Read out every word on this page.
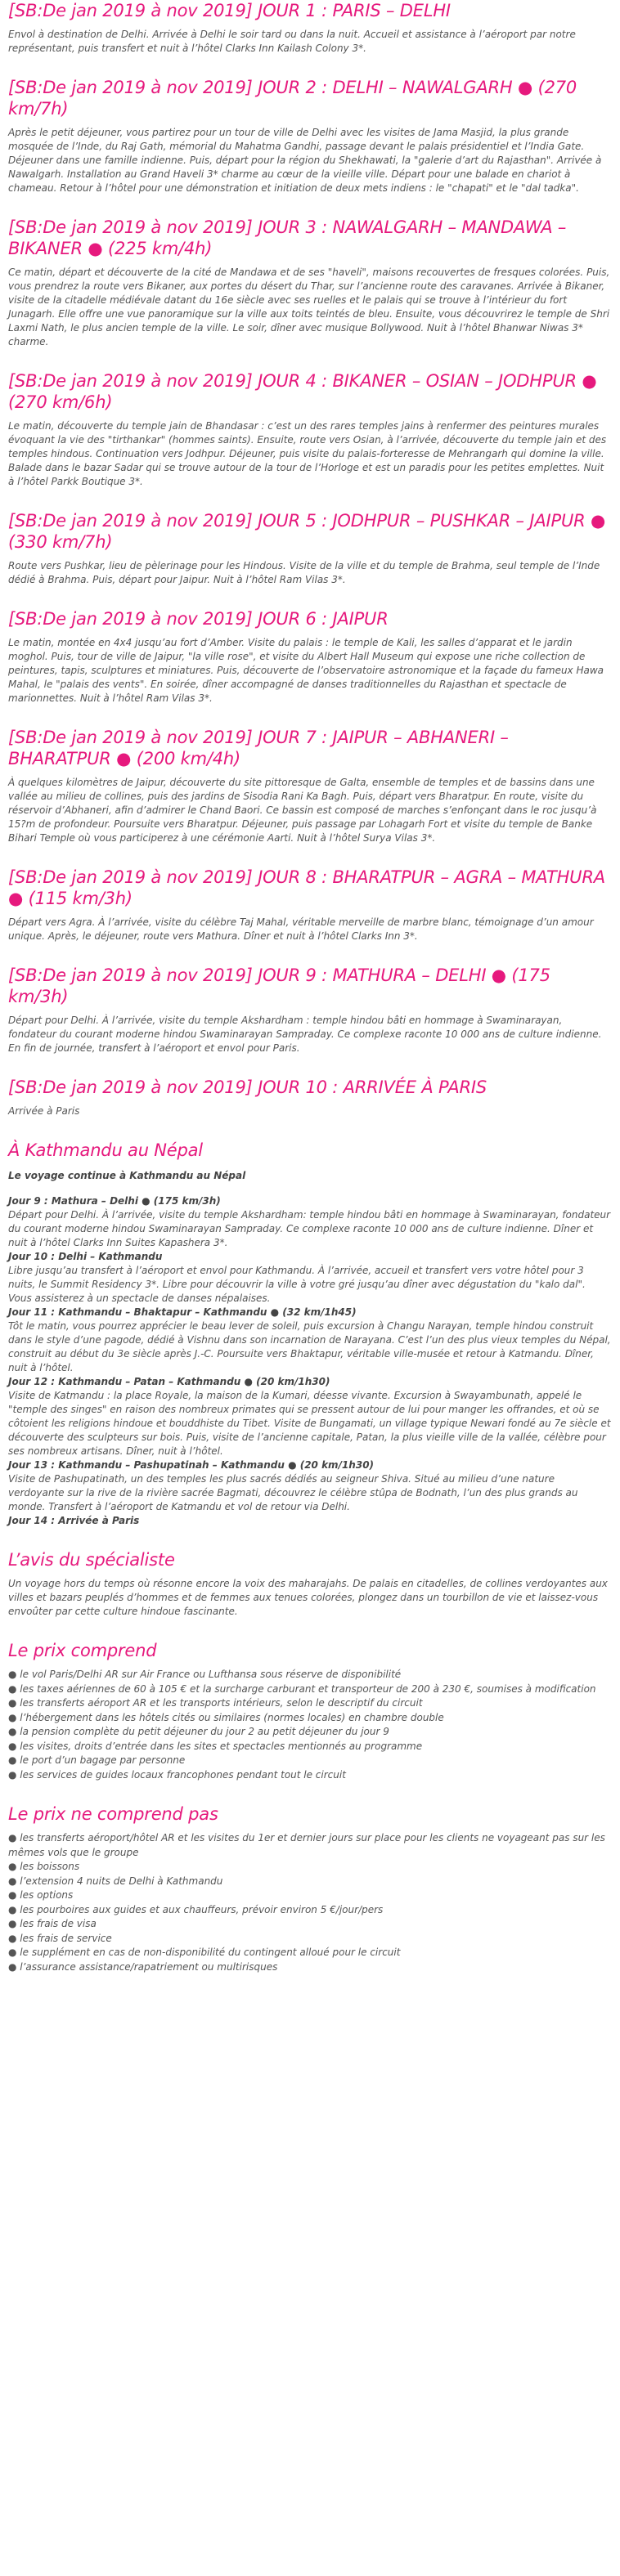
[SB:De jan 2019 à nov 2019] JOUR 1 : PARIS – DELHI

Envol à destination de Delhi. Arrivée à Delhi le soir tard ou dans la nuit. Accueil et assistance à l’aéroport par notre représentant, puis transfert et nuit à l’hôtel Clarks Inn Kailash Colony 3*.

[SB:De jan 2019 à nov 2019] JOUR 2 : DELHI – NAWALGARH ● (270 km/7h)

Après le petit déjeuner, vous partirez pour un tour de ville de Delhi avec les visites de Jama Masjid, la plus grande mosquée de l’Inde, du Raj Gath, mémorial du Mahatma Gandhi, passage devant le palais présidentiel et l’India Gate. Déjeuner dans une famille indienne. Puis, départ pour la région du Shekhawati, la "galerie d’art du Rajasthan". Arrivée à Nawalgarh. Installation au Grand Haveli 3* charme au cœur de la vieille ville. Départ pour une balade en chariot à chameau. Retour à l’hôtel pour une démonstration et initiation de deux mets indiens : le "chapati" et le "dal tadka".

[SB:De jan 2019 à nov 2019] JOUR 3 : NAWALGARH – MANDAWA – BIKANER ● (225 km/4h)

Ce matin, départ et découverte de la cité de Mandawa et de ses "haveli", maisons recouvertes de fresques colorées. Puis, vous prendrez la route vers Bikaner, aux portes du désert du Thar, sur l’ancienne route des caravanes. Arrivée à Bikaner, visite de la citadelle médiévale datant du 16e siècle avec ses ruelles et le palais qui se trouve à l’intérieur du fort Junagarh. Elle offre une vue panoramique sur la ville aux toits teintés de bleu. Ensuite, vous découvrirez le temple de Shri Laxmi Nath, le plus ancien temple de la ville. Le soir, dîner avec musique Bollywood. Nuit à l’hôtel Bhanwar Niwas 3* charme.

[SB:De jan 2019 à nov 2019] JOUR 4 : BIKANER – OSIAN – JODHPUR ● (270 km/6h)

Le matin, découverte du temple jain de Bhandasar : c’est un des rares temples jains à renfermer des peintures murales évoquant la vie des "tirthankar" (hommes saints). Ensuite, route vers Osian, à l’arrivée, découverte du temple jain et des temples hindous. Continuation vers Jodhpur. Déjeuner, puis visite du palais-forteresse de Mehrangarh qui domine la ville. Balade dans le bazar Sadar qui se trouve autour de la tour de l’Horloge et est un paradis pour les petites emplettes. Nuit à l’hôtel Parkk Boutique 3*.

[SB:De jan 2019 à nov 2019] JOUR 5 : JODHPUR – PUSHKAR – JAIPUR ● (330 km/7h)

Route vers Pushkar, lieu de pèlerinage pour les Hindous. Visite de la ville et du temple de Brahma, seul temple de l’Inde dédié à Brahma. Puis, départ pour Jaipur. Nuit à l’hôtel Ram Vilas 3*.

[SB:De jan 2019 à nov 2019] JOUR 6 : JAIPUR

Le matin, montée en 4x4 jusqu’au fort d’Amber. Visite du palais : le temple de Kali, les salles d’apparat et le jardin moghol. Puis, tour de ville de Jaipur, "la ville rose", et visite du Albert Hall Museum qui expose une riche collection de peintures, tapis, sculptures et miniatures. Puis, découverte de l’observatoire astronomique et la façade du fameux Hawa Mahal, le "palais des vents". En soirée, dîner accompagné de danses traditionnelles du Rajasthan et spectacle de marionnettes. Nuit à l’hôtel Ram Vilas 3*.

[SB:De jan 2019 à nov 2019] JOUR 7 : JAIPUR – ABHANERI – BHARATPUR ● (200 km/4h)

À quelques kilomètres de Jaipur, découverte du site pittoresque de Galta, ensemble de temples et de bassins dans une vallée au milieu de collines, puis des jardins de Sisodia Rani Ka Bagh. Puis, départ vers Bharatpur. En route, visite du réservoir d’Abhaneri, afin d’admirer le Chand Baori. Ce bassin est composé de marches s’enfonçant dans le roc jusqu’à 15?m de profondeur. Poursuite vers Bharatpur. Déjeuner, puis passage par Lohagarh Fort et visite du temple de Banke Bihari Temple où vous participerez à une cérémonie Aarti. Nuit à l’hôtel Surya Vilas 3*.

[SB:De jan 2019 à nov 2019] JOUR 8 : BHARATPUR – AGRA – MATHURA ● (115 km/3h)

Départ vers Agra. À l’arrivée, visite du célèbre Taj Mahal, véritable merveille de marbre blanc, témoignage d’un amour unique. Après, le déjeuner, route vers Mathura. Dîner et nuit à l’hôtel Clarks Inn 3*.

[SB:De jan 2019 à nov 2019] JOUR 9 : MATHURA – DELHI ● (175 km/3h)

Départ pour Delhi. À l’arrivée, visite du temple Akshardham : temple hindou bâti en hommage à Swaminarayan, fondateur du courant moderne hindou Swaminarayan Sampraday. Ce complexe raconte 10 000 ans de culture indienne. En fin de journée, transfert à l’aéroport et envol pour Paris.

[SB:De jan 2019 à nov 2019] JOUR 10 : ARRIVÉE À PARIS

Arrivée à Paris

À Kathmandu au Népal

Le voyage continue à Kathmandu au Népal

Jour 9 : Mathura – Delhi ● (175 km/3h)
Départ pour Delhi. À l’arrivée, visite du temple Akshardham: temple hindou bâti en hommage à Swaminarayan, fondateur du courant moderne hindou Swaminarayan Sampraday. Ce complexe raconte 10 000 ans de culture indienne. Dîner et nuit à l’hôtel Clarks Inn Suites Kapashera 3*.
Jour 10 : Delhi – Kathmandu
Libre jusqu’au transfert à l’aéroport et envol pour Kathmandu. À l’arrivée, accueil et transfert vers votre hôtel pour 3 nuits, le Summit Residency 3*. Libre pour découvrir la ville à votre gré jusqu’au dîner avec dégustation du "kalo dal". Vous assisterez à un spectacle de danses népalaises.
Jour 11 : Kathmandu – Bhaktapur – Kathmandu ● (32 km/1h45)
Tôt le matin, vous pourrez apprécier le beau lever de soleil, puis excursion à Changu Narayan, temple hindou construit dans le style d’une pagode, dédié à Vishnu dans son incarnation de Narayana. C’est l’un des plus vieux temples du Népal, construit au début du 3e siècle après J.-C. Poursuite vers Bhaktapur, véritable ville-musée et retour à Katmandu. Dîner, nuit à l’hôtel.
Jour 12 : Kathmandu – Patan – Kathmandu ● (20 km/1h30)
Visite de Katmandu : la place Royale, la maison de la Kumari, déesse vivante. Excursion à Swayambunath, appelé le "temple des singes" en raison des nombreux primates qui se pressent autour de lui pour manger les offrandes, et où se côtoient les religions hindoue et bouddhiste du Tibet. Visite de Bungamati, un village typique Newari fondé au 7e siècle et découverte des sculpteurs sur bois. Puis, visite de l’ancienne capitale, Patan, la plus vieille ville de la vallée, célèbre pour ses nombreux artisans. Dîner, nuit à l’hôtel.
Jour 13 : Kathmandu – Pashupatinah – Kathmandu ● (20 km/1h30)
Visite de Pashupatinath, un des temples les plus sacrés dédiés au seigneur Shiva. Situé au milieu d’une nature verdoyante sur la rive de la rivière sacrée Bagmati, découvrez le célèbre stûpa de Bodnath, l’un des plus grands au monde. Transfert à l’aéroport de Katmandu et vol de retour via Delhi.
Jour 14 : Arrivée à Paris
L’avis du spécialiste

Un voyage hors du temps où résonne encore la voix des maharajahs. De palais en citadelles, de collines verdoyantes aux villes et bazars peuplés d’hommes et de femmes aux tenues colorées, plongez dans un tourbillon de vie et laissez-vous envoûter par cette culture hindoue fascinante.

Le prix comprend
● le vol Paris/Delhi AR sur Air France ou Lufthansa sous réserve de disponibilité
● les taxes aériennes de 60 à 105 € et la surcharge carburant et transporteur de 200 à 230 €, soumises à modification
● les transferts aéroport AR et les transports intérieurs, selon le descriptif du circuit
● l’hébergement dans les hôtels cités ou similaires (normes locales) en chambre double
● la pension complète du petit déjeuner du jour 2 au petit déjeuner du jour 9
● les visites, droits d’entrée dans les sites et spectacles mentionnés au programme
● le port d’un bagage par personne
● les services de guides locaux francophones pendant tout le circuit
Le prix ne comprend pas
● les transferts aéroport/hôtel AR et les visites du 1er et dernier jours sur place pour les clients ne voyageant pas sur les mêmes vols que le groupe
● les boissons
● l’extension 4 nuits de Delhi à Kathmandu
● les options
● les pourboires aux guides et aux chauffeurs, prévoir environ 5 €/jour/pers
● les frais de visa
● les frais de service
● le supplément en cas de non-disponibilité du contingent alloué pour le circuit
● l’assurance assistance/rapatriement ou multirisques
